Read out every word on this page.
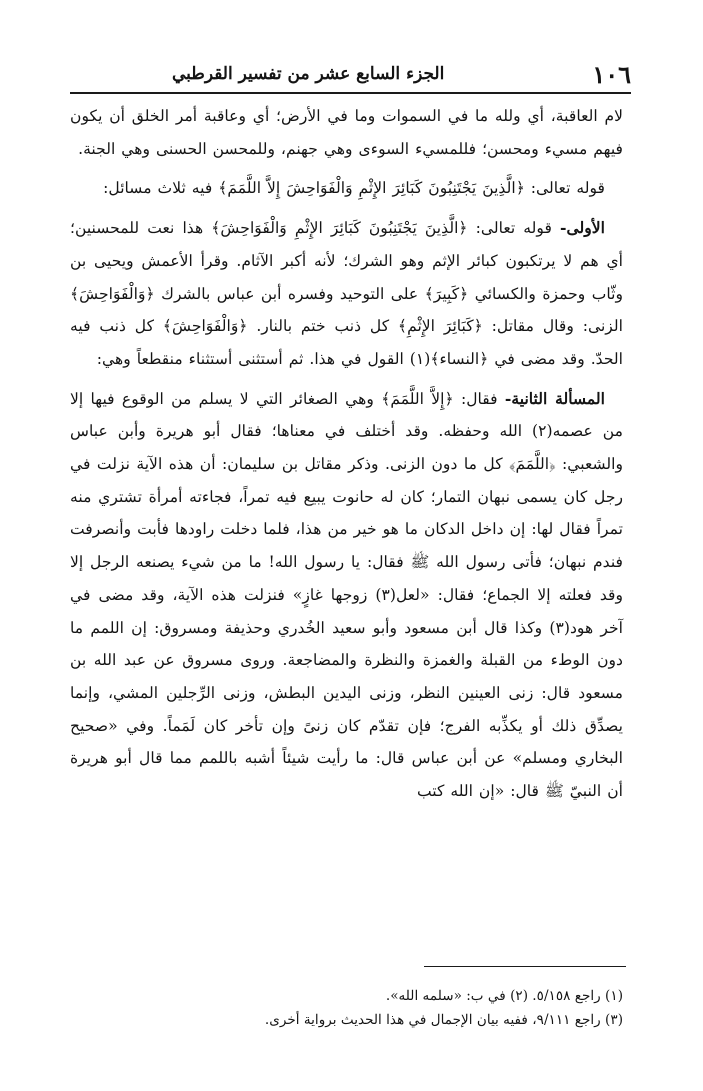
١٠٦
الجزء السابع عشر من تفسير القرطبي

لام العاقبة، أي ولله ما في السموات وما في الأرض؛ أي وعاقبة أمر الخلق أن يكون فيهم مسيء ومحسن؛ فللمسيء السوءى وهي جهنم، وللمحسن الحسنى وهي الجنة.

قوله تعالى: ﴿الَّذِينَ يَجْتَنِبُونَ كَبَائِرَ الإِثْمِ وَالْفَوَاحِشَ إِلاَّ اللَّمَمَ﴾ فيه ثلاث مسائل:

الأولى- قوله تعالى: ﴿الَّذِينَ يَجْتَنِبُونَ كَبَائِرَ الإِثْمِ وَالْفَوَاحِشَ﴾ هذا نعت للمحسنين؛ أي هم لا يرتكبون كبائر الإثم وهو الشرك؛ لأنه أكبر الآثام. وقرأ الأعمش ويحيى بن وثّاب وحمزة والكسائي ﴿كَبِيرَ﴾ على التوحيد وفسره أبن عباس بالشرك ﴿وَالْفَوَاحِشَ﴾ الزنى: وقال مقاتل: ﴿كَبَائِرَ الإِثْمِ﴾ كل ذنب ختم بالنار. ﴿وَالْفَوَاحِشَ﴾ كل ذنب فيه الحدّ. وقد مضى في ﴿النساء﴾(١) القول في هذا. ثم أستثنى أستثناء منقطعاً وهي:

المسألة الثانية- فقال: ﴿إِلاَّ اللَّمَمَ﴾ وهي الصغائر التي لا يسلم من الوقوع فيها إلا من عصمه(٢) الله وحفظه. وقد أختلف في معناها؛ فقال أبو هريرة وأبن عباس والشعبي: ﴿اللَّمَمَ﴾ كل ما دون الزنى. وذكر مقاتل بن سليمان: أن هذه الآية نزلت في رجل كان يسمى نبهان التمار؛ كان له حانوت يبيع فيه تمراً، فجاءته أمرأة تشتري منه تمراً فقال لها: إن داخل الدكان ما هو خير من هذا، فلما دخلت راودها فأبت وأنصرفت فندم نبهان؛ فأتى رسول الله ﷺ فقال: يا رسول الله! ما من شيء يصنعه الرجل إلا وقد فعلته إلا الجماع؛ فقال: «لعل(٣) زوجها غازٍ» فنزلت هذه الآية، وقد مضى في آخر هود(٣) وكذا قال أبن مسعود وأبو سعيد الخُدري وحذيفة ومسروق: إن اللمم ما دون الوطء من القبلة والغمزة والنظرة والمضاجعة. وروى مسروق عن عبد الله بن مسعود قال: زنى العينين النظر، وزنى اليدين البطش، وزنى الرِّجلين المشي، وإنما يصدِّق ذلك أو يكذِّبه الفرج؛ فإن تقدّم كان زنىً وإن تأخر كان لَمَماً. وفي «صحيح البخاري ومسلم» عن أبن عباس قال: ما رأيت شيئاً أشبه باللمم مما قال أبو هريرة أن النبيّ ﷺ قال: «إن الله كتب

(١) راجع ٥/١٥٨. (٢) في ب: «سلمه الله».
(٣) راجع ٩/١١١، ففيه بيان الإجمال في هذا الحديث برواية أخرى.
